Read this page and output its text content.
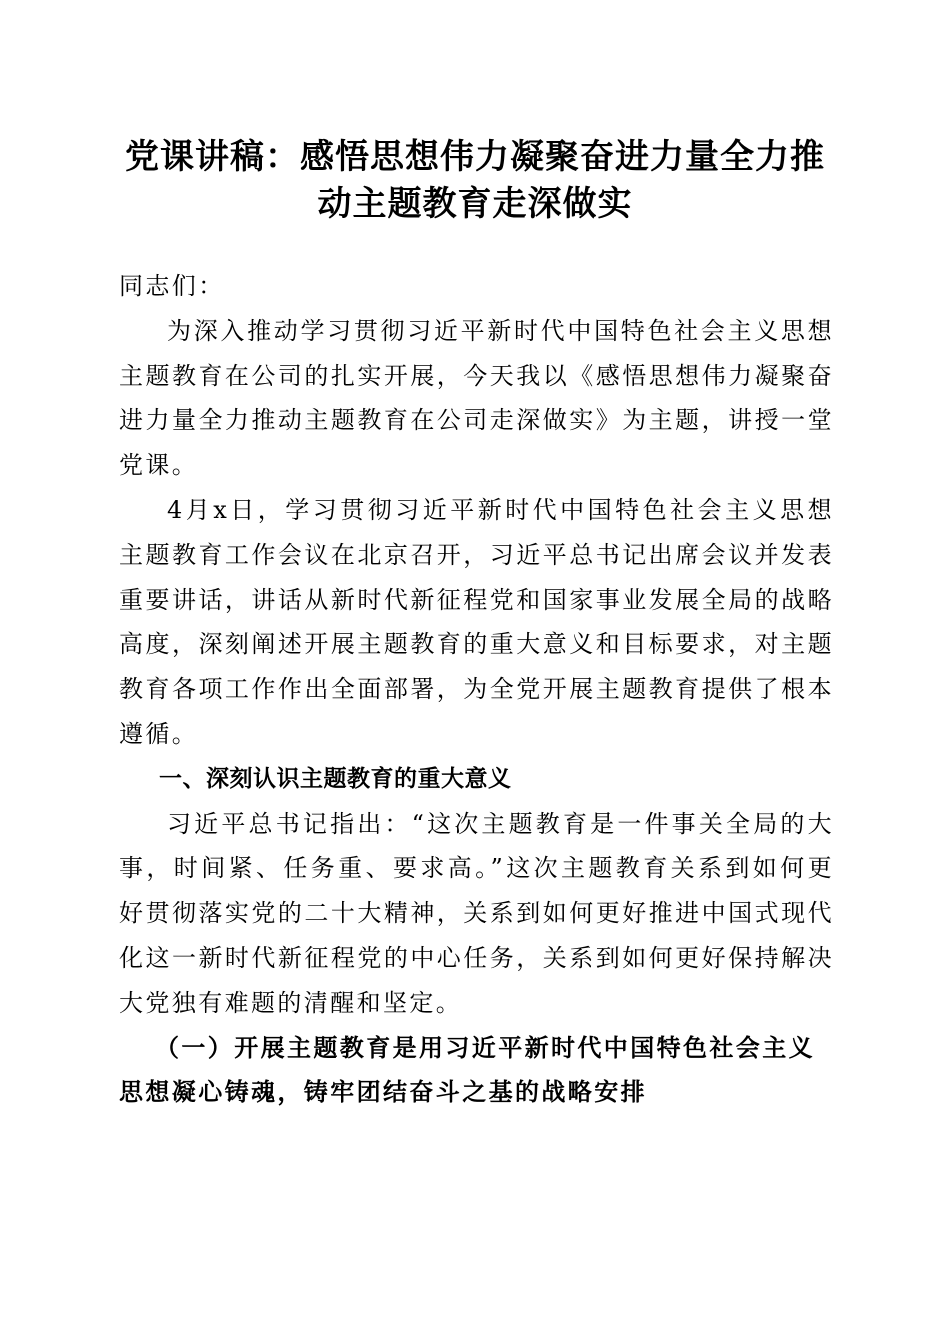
党课讲稿：感悟思想伟力凝聚奋进力量全力推
动主题教育走深做实

同志们：

为深入推动学习贯彻习近平新时代中国特色社会主义思想主题教育在公司的扎实开展，今天我以《感悟思想伟力凝聚奋进力量全力推动主题教育在公司走深做实》为主题，讲授一堂党课。

4月x日，学习贯彻习近平新时代中国特色社会主义思想主题教育工作会议在北京召开，习近平总书记出席会议并发表重要讲话，讲话从新时代新征程党和国家事业发展全局的战略高度，深刻阐述开展主题教育的重大意义和目标要求，对主题教育各项工作作出全面部署，为全党开展主题教育提供了根本遵循。

一、深刻认识主题教育的重大意义

习近平总书记指出：“这次主题教育是一件事关全局的大事，时间紧、任务重、要求高。”这次主题教育关系到如何更好贯彻落实党的二十大精神，关系到如何更好推进中国式现代化这一新时代新征程党的中心任务，关系到如何更好保持解决大党独有难题的清醒和坚定。

（一）开展主题教育是用习近平新时代中国特色社会主义思想凝心铸魂，铸牢团结奋斗之基的战略安排
